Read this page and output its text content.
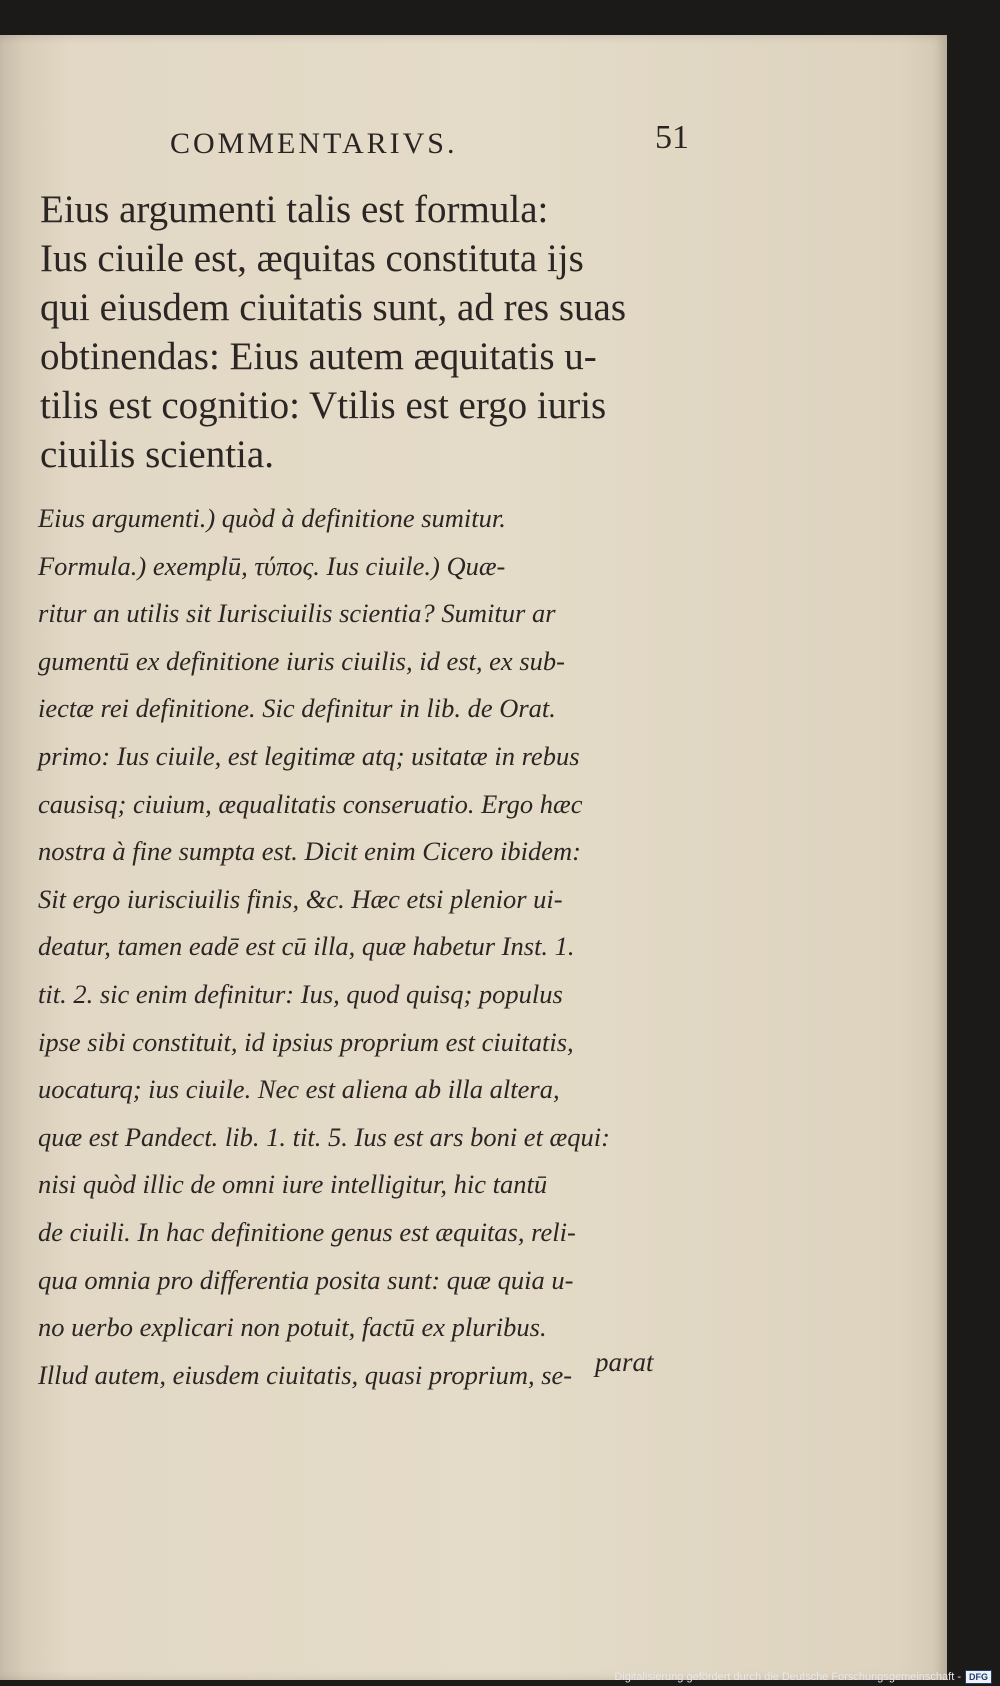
COMMENTARIVS.	51
Eius argumenti talis est formula:
Ius ciuile est, æquitas constituta ijs
qui eiusdem ciuitatis sunt, ad res suas
obtinendas: Eius autem æquitatis u-
tilis est cognitio: Vtilis est ergo iuris
ciuilis scientia.
Eius argumenti.) quòd à definitione sumitur.
Formula.) exemplū, τύπος. Ius ciuile.) Quæ-
ritur an utilis sit Iurisciuilis scientia? Sumitur ar
gumentū ex definitione iuris ciuilis, id est, ex sub-
iectæ rei definitione. Sic definitur in lib. de Orat.
primo: Ius ciuile, est legitimæ atq; usitatæ in rebus
causisq; ciuium, æqualitatis conseruatio. Ergo hæc
nostra à fine sumpta est. Dicit enim Cicero ibidem:
Sit ergo iurisciuilis finis, &c. Hæc etsi plenior ui-
deatur, tamen eadē est cū illa, quæ habetur Inst. 1.
tit. 2. sic enim definitur: Ius, quod quisq; populus
ipse sibi constituit, id ipsius proprium est ciuitatis,
uocaturq; ius ciuile. Nec est aliena ab illa altera,
quæ est Pandect. lib. 1. tit. 5. Ius est ars boni et æqui:
nisi quòd illic de omni iure intelligitur, hic tantū
de ciuili. In hac definitione genus est æquitas, reli-
qua omnia pro differentia posita sunt: quæ quia u-
no uerbo explicari non potuit, factū ex pluribus.
Illud autem, eiusdem ciuitatis, quasi proprium, se- parat
Digitalisierung gefördert durch die Deutsche Forschungsgemeinschaft - DFG
